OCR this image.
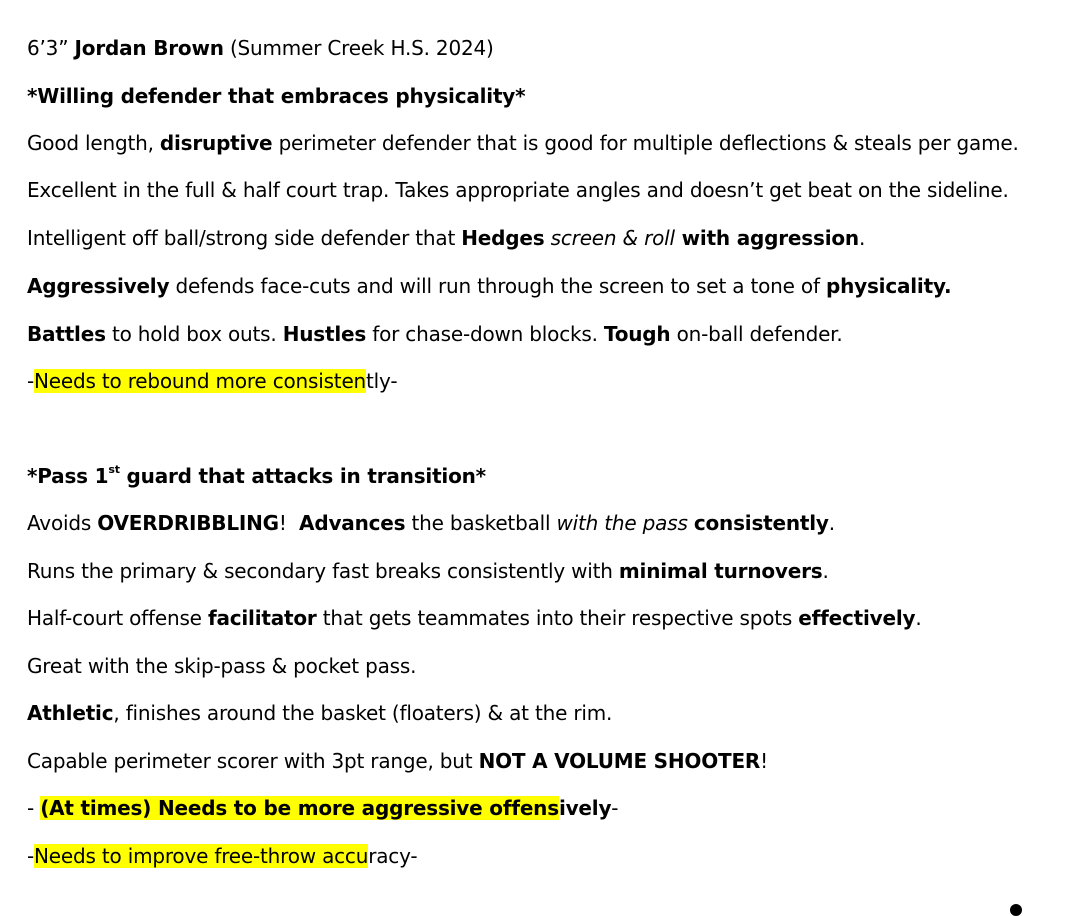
6’3” Jordan Brown (Summer Creek H.S. 2024)
*Willing defender that embraces physicality*
Good length, disruptive perimeter defender that is good for multiple deflections & steals per game.
Excellent in the full & half court trap. Takes appropriate angles and doesn’t get beat on the sideline.
Intelligent off ball/strong side defender that Hedges screen & roll with aggression.
Aggressively defends face-cuts and will run through the screen to set a tone of physicality.
Battles to hold box outs. Hustles for chase-down blocks. Tough on-ball defender.
-Needs to rebound more consistently-
*Pass 1st guard that attacks in transition*
Avoids OVERDRIBBLING!  Advances the basketball with the pass consistently.
Runs the primary & secondary fast breaks consistently with minimal turnovers.
Half-court offense facilitator that gets teammates into their respective spots effectively.
Great with the skip-pass & pocket pass.
Athletic, finishes around the basket (floaters) & at the rim.
Capable perimeter scorer with 3pt range, but NOT A VOLUME SHOOTER!
- (At times) Needs to be more aggressive offensively-
-Needs to improve free-throw accuracy-
